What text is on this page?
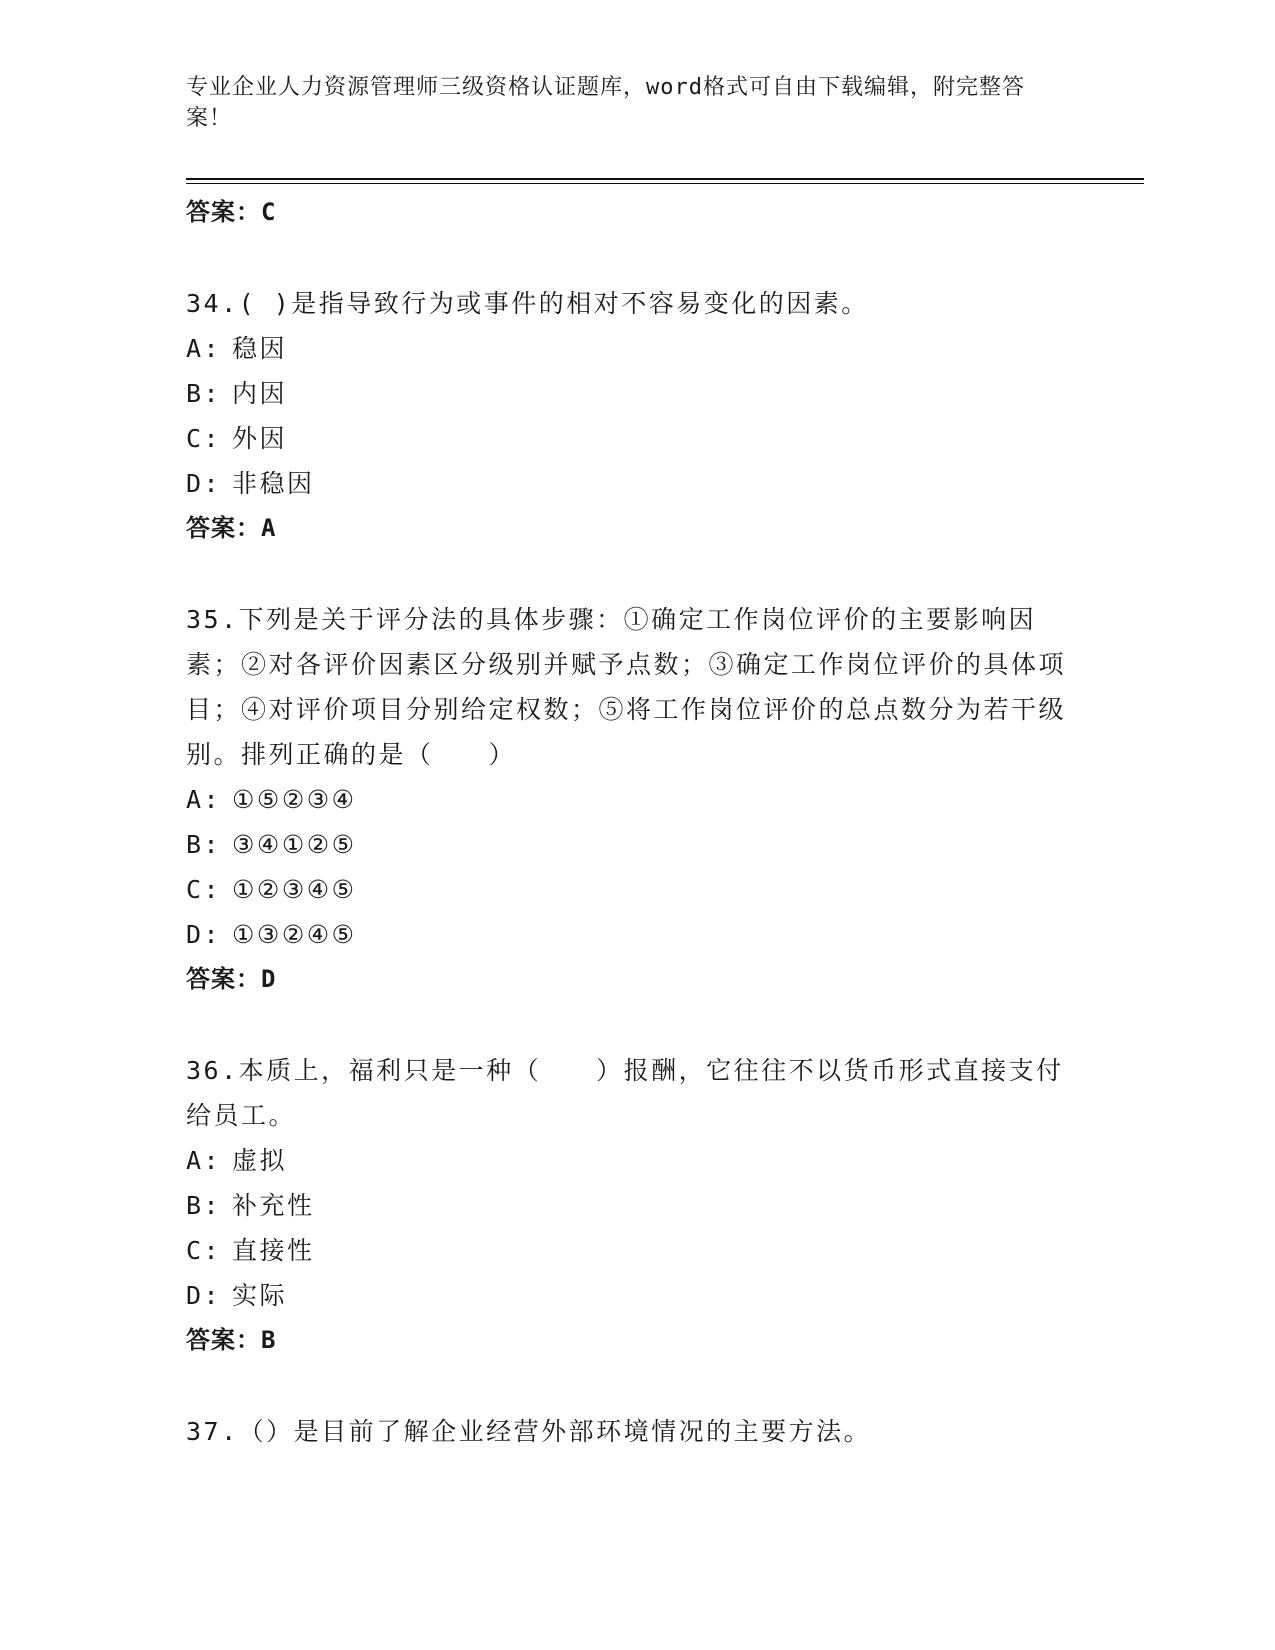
专业企业人力资源管理师三级资格认证题库，word格式可自由下载编辑，附完整答案！
答案：C
34.( )是指导致行为或事件的相对不容易变化的因素。
A: 稳因
B: 内因
C: 外因
D: 非稳因
答案：A
35.下列是关于评分法的具体步骤：①确定工作岗位评价的主要影响因素；②对各评价因素区分级别并赋予点数；③确定工作岗位评价的具体项目；④对评价项目分别给定权数；⑤将工作岗位评价的总点数分为若干级别。排列正确的是（　　）
A: ①⑤②③④
B: ③④①②⑤
C: ①②③④⑤
D: ①③②④⑤
答案：D
36.本质上，福利只是一种（　　）报酬，它往往不以货币形式直接支付给员工。
A: 虚拟
B: 补充性
C: 直接性
D: 实际
答案：B
37.（）是目前了解企业经营外部环境情况的主要方法。
